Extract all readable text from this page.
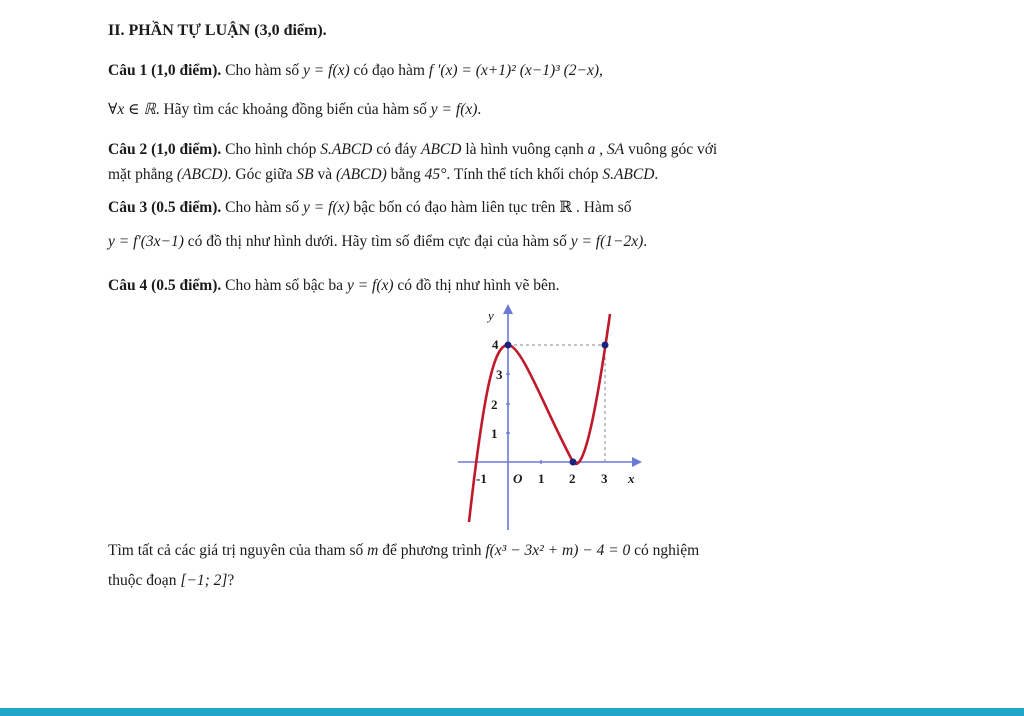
II. PHẦN TỰ LUẬN (3,0 điểm).
Câu 1 (1,0 điểm). Cho hàm số y = f(x) có đạo hàm f '(x) = (x+1)² (x−1)³ (2−x),
∀x ∈ ℝ. Hãy tìm các khoảng đồng biến của hàm số y = f(x).
Câu 2 (1,0 điểm). Cho hình chóp S.ABCD có đáy ABCD là hình vuông cạnh a , SA vuông góc với
mặt phẳng (ABCD). Góc giữa SB và (ABCD) bằng 45°. Tính thể tích khối chóp S.ABCD.
Câu 3 (0.5 điểm). Cho hàm số y = f(x) bậc bốn có đạo hàm liên tục trên ℝ . Hàm số
y = f'(3x−1) có đồ thị như hình dưới. Hãy tìm số điểm cực đại của hàm số y = f(1−2x).
Câu 4 (0.5 điểm). Cho hàm số bậc ba y = f(x) có đồ thị như hình vẽ bên.
y
4
3
2
1
-1 O 1 2 3 x
Tìm tất cả các giá trị nguyên của tham số m để phương trình f(x³ − 3x² + m) − 4 = 0 có nghiệm
thuộc đoạn [−1; 2]?
